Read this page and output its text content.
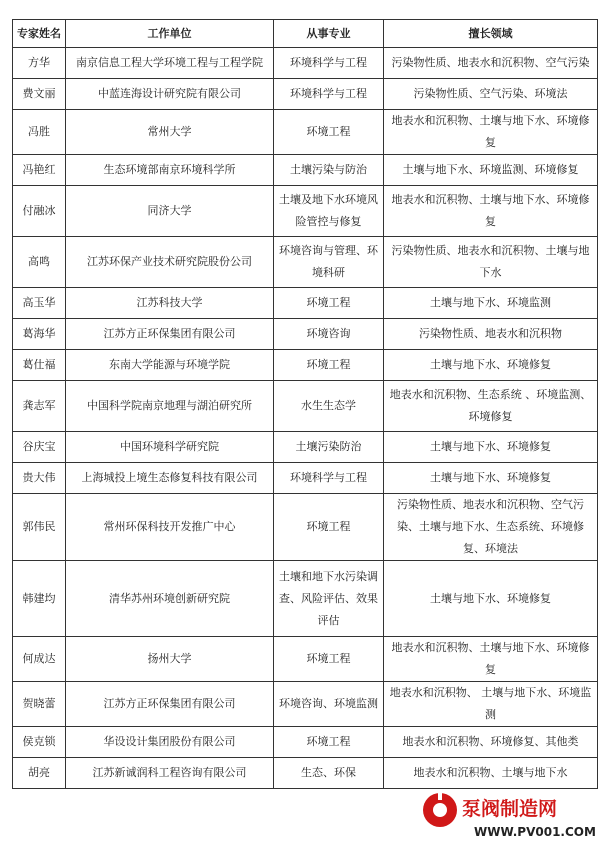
专家姓名	工作单位	从事专业	擅长领域
方华	南京信息工程大学环境工程与工程学院	环境科学与工程	污染物性质、地表水和沉积物、空气污染
费文丽	中蓝连海设计研究院有限公司	环境科学与工程	污染物性质、空气污染、环境法
冯胜	常州大学	环境工程	地表水和沉积物、土壤与地下水、环境修复
冯艳红	生态环境部南京环境科学所	土壤污染与防治	土壤与地下水、环境监测、环境修复
付融冰	同济大学	土壤及地下水环境风险管控与修复	地表水和沉积物、土壤与地下水、环境修复
高鸣	江苏环保产业技术研究院股份公司	环境咨询与管理、环境科研	污染物性质、地表水和沉积物、土壤与地下水
高玉华	江苏科技大学	环境工程	土壤与地下水、环境监测
葛海华	江苏方正环保集团有限公司	环境咨询	污染物性质、地表水和沉积物
葛仕福	东南大学能源与环境学院	环境工程	土壤与地下水、环境修复
龚志军	中国科学院南京地理与湖泊研究所	水生生态学	地表水和沉积物、生态系统 、环境监测、环境修复
谷庆宝	中国环境科学研究院	土壤污染防治	土壤与地下水、环境修复
贵大伟	上海城投上境生态修复科技有限公司	环境科学与工程	土壤与地下水、环境修复
郭伟民	常州环保科技开发推广中心	环境工程	污染物性质、地表水和沉积物、空气污染、土壤与地下水、生态系统、环境修复、环境法
韩建均	清华苏州环境创新研究院	土壤和地下水污染调查、风险评估、效果评估	土壤与地下水、环境修复
何成达	扬州大学	环境工程	地表水和沉积物、土壤与地下水、环境修复
贺晓蕾	江苏方正环保集团有限公司	环境咨询、环境监测	地表水和沉积物、 土壤与地下水、环境监测
侯克锁	华设设计集团股份有限公司	环境工程	地表水和沉积物、环境修复、其他类
胡亮	江苏新诚润科工程咨询有限公司	生态、环保	地表水和沉积物、土壤与地下水
泵阀制造网
WWW.PV001.COM
